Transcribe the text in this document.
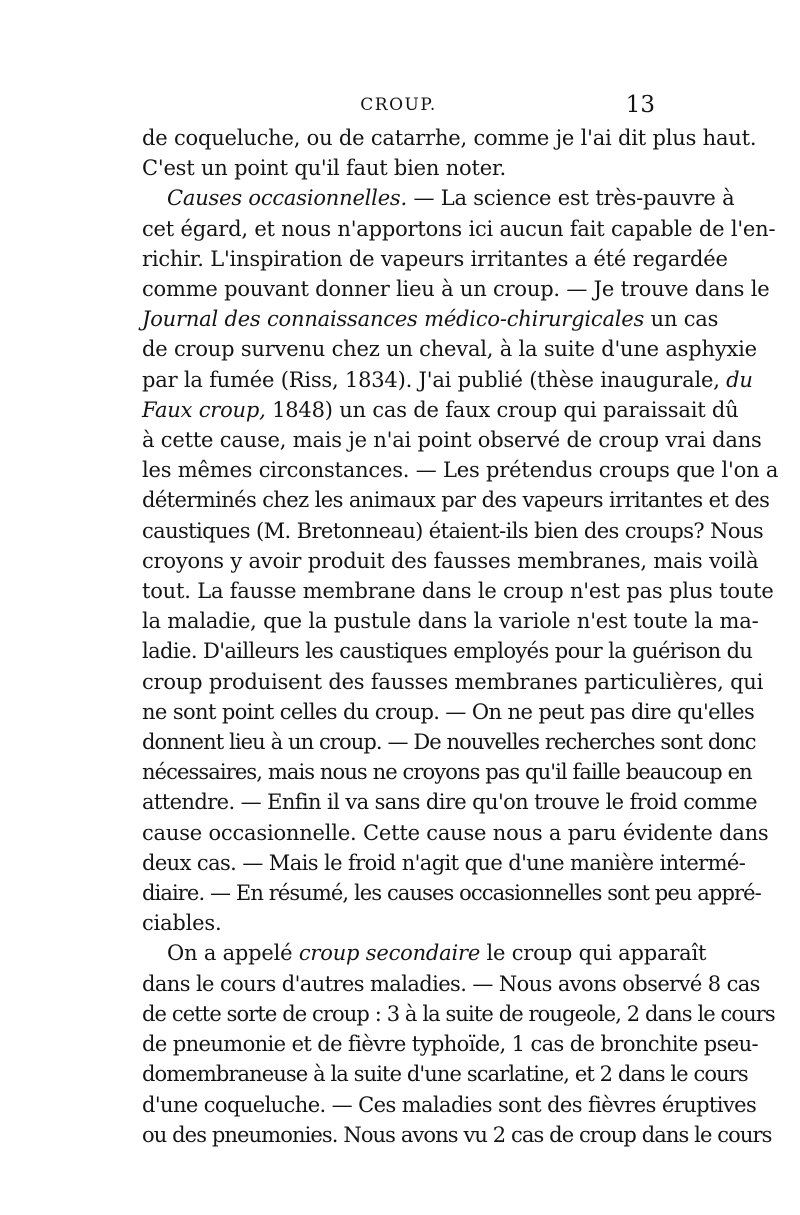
CROUP.	13
de coqueluche, ou de catarrhe, comme je l'ai dit plus haut.
C'est un point qu'il faut bien noter.
Causes occasionnelles. — La science est très-pauvre à
cet égard, et nous n'apportons ici aucun fait capable de l'en-
richir. L'inspiration de vapeurs irritantes a été regardée
comme pouvant donner lieu à un croup. — Je trouve dans le
Journal des connaissances médico-chirurgicales un cas
de croup survenu chez un cheval, à la suite d'une asphyxie
par la fumée (Riss, 1834). J'ai publié (thèse inaugurale, du
Faux croup, 1848) un cas de faux croup qui paraissait dû
à cette cause, mais je n'ai point observé de croup vrai dans
les mêmes circonstances. — Les prétendus croups que l'on a
déterminés chez les animaux par des vapeurs irritantes et des
caustiques (M. Bretonneau) étaient-ils bien des croups? Nous
croyons y avoir produit des fausses membranes, mais voilà
tout. La fausse membrane dans le croup n'est pas plus toute
la maladie, que la pustule dans la variole n'est toute la ma-
ladie. D'ailleurs les caustiques employés pour la guérison du
croup produisent des fausses membranes particulières, qui
ne sont point celles du croup. — On ne peut pas dire qu'elles
donnent lieu à un croup. — De nouvelles recherches sont donc
nécessaires, mais nous ne croyons pas qu'il faille beaucoup en
attendre. — Enfin il va sans dire qu'on trouve le froid comme
cause occasionnelle. Cette cause nous a paru évidente dans
deux cas. — Mais le froid n'agit que d'une manière intermé-
diaire. — En résumé, les causes occasionnelles sont peu appré-
ciables.
On a appelé croup secondaire le croup qui apparaît
dans le cours d'autres maladies. — Nous avons observé 8 cas
de cette sorte de croup : 3 à la suite de rougeole, 2 dans le cours
de pneumonie et de fièvre typhoïde, 1 cas de bronchite pseu-
domembraneuse à la suite d'une scarlatine, et 2 dans le cours
d'une coqueluche. — Ces maladies sont des fièvres éruptives
ou des pneumonies. Nous avons vu 2 cas de croup dans le cours
